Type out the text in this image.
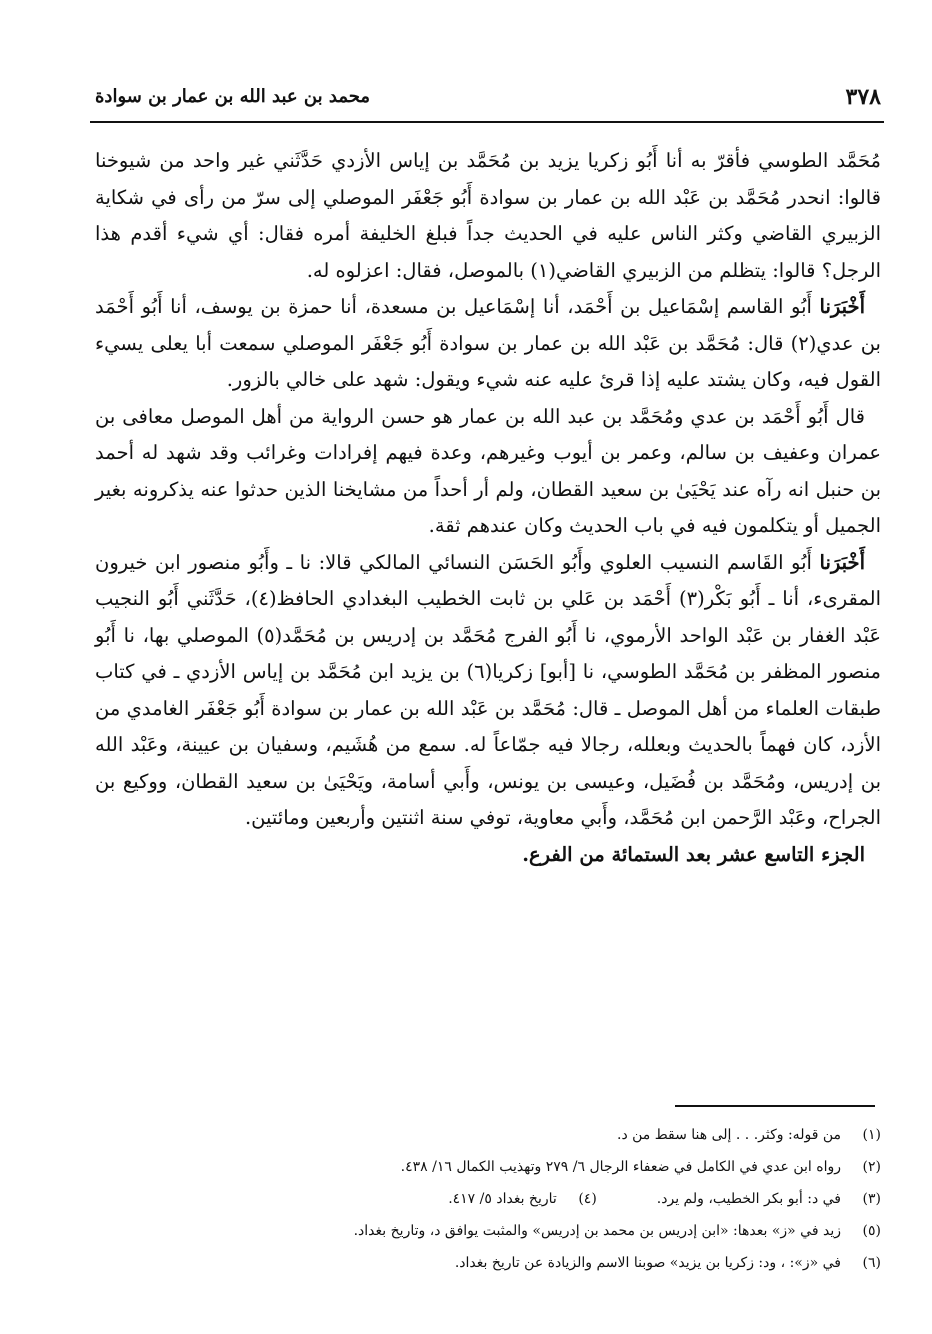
٣٧٨
محمد بن عبد الله بن عمار بن سوادة

مُحَمَّد الطوسي فأقرّ به أنا أَبُو زكريا يزيد بن مُحَمَّد بن إياس الأزدي حَدَّثَني غير واحد من شيوخنا قالوا: انحدر مُحَمَّد بن عَبْد الله بن عمار بن سوادة أَبُو جَعْفَر الموصلي إلى سرّ من رأى في شكاية الزبيري القاضي وكثر الناس عليه في الحديث جداً فبلغ الخليفة أمره فقال: أي شيء أقدم هذا الرجل؟ قالوا: يتظلم من الزبيري القاضي(١) بالموصل، فقال: اعزلوه له.

أَخْبَرَنا أَبُو القاسم إسْمَاعيل بن أَحْمَد، أنا إسْمَاعيل بن مسعدة، أنا حمزة بن يوسف، أنا أَبُو أَحْمَد بن عدي(٢) قال: مُحَمَّد بن عَبْد الله بن عمار بن سوادة أَبُو جَعْفَر الموصلي سمعت أبا يعلى يسيء القول فيه، وكان يشتد عليه إذا قرئ عليه عنه شيء ويقول: شهد على خالي بالزور.

قال أَبُو أَحْمَد بن عدي ومُحَمَّد بن عبد الله بن عمار هو حسن الرواية من أهل الموصل معافى بن عمران وعفيف بن سالم، وعمر بن أيوب وغيرهم، وعدة فيهم إفرادات وغرائب وقد شهد له أحمد بن حنبل انه رآه عند يَحْيَىٰ بن سعيد القطان، ولم أر أحداً من مشايخنا الذين حدثوا عنه يذكرونه بغير الجميل أو يتكلمون فيه في باب الحديث وكان عندهم ثقة.

أَخْبَرَنا أَبُو القَاسم النسيب العلوي وأَبُو الحَسَن النسائي المالكي قالا: نا ـ وأَبُو منصور ابن خيرون المقرىء، أنا ـ أَبُو بَكْر(٣) أَحْمَد بن عَلي بن ثابت الخطيب البغدادي الحافظ(٤)، حَدَّثَني أَبُو النجيب عَبْد الغفار بن عَبْد الواحد الأرموي، نا أَبُو الفرج مُحَمَّد بن إدريس بن مُحَمَّد(٥) الموصلي بها، نا أَبُو منصور المظفر بن مُحَمَّد الطوسي، نا [أبو] زكريا(٦) بن يزيد ابن مُحَمَّد بن إياس الأزدي ـ في كتاب طبقات العلماء من أهل الموصل ـ قال: مُحَمَّد بن عَبْد الله بن عمار بن سوادة أَبُو جَعْفَر الغامدي من الأزد، كان فهماً بالحديث وبعلله، رجالا فيه جمّاعاً له. سمع من هُشَيم، وسفيان بن عيينة، وعَبْد الله بن إدريس، ومُحَمَّد بن فُضَيل، وعيسى بن يونس، وأَبي أسامة، ويَحْيَىٰ بن سعيد القطان، ووكيع بن الجراح، وعَبْد الرَّحمن ابن مُحَمَّد، وأَبي معاوية، توفي سنة اثنتين وأربعين ومائتين.

الجزء التاسع عشر بعد الستمائة من الفرع.

(١)
من قوله: وكثر. . . إلى هنا سقط من د.
(٢)
رواه ابن عدي في الكامل في ضعفاء الرجال ٦/ ٢٧٩ وتهذيب الكمال ١٦/ ٤٣٨.
(٣)
في د: أبو بكر الخطيب، ولم يرد.
(٤)
تاريخ بغداد ٥/ ٤١٧.
(٥)
زيد في «ز» بعدها: «ابن إدريس بن محمد بن إدريس» والمثبت يوافق د، وتاريخ بغداد.
(٦)
في «ز»: ، ود: زكريا بن يزيد» صوبنا الاسم والزيادة عن تاريخ بغداد.
